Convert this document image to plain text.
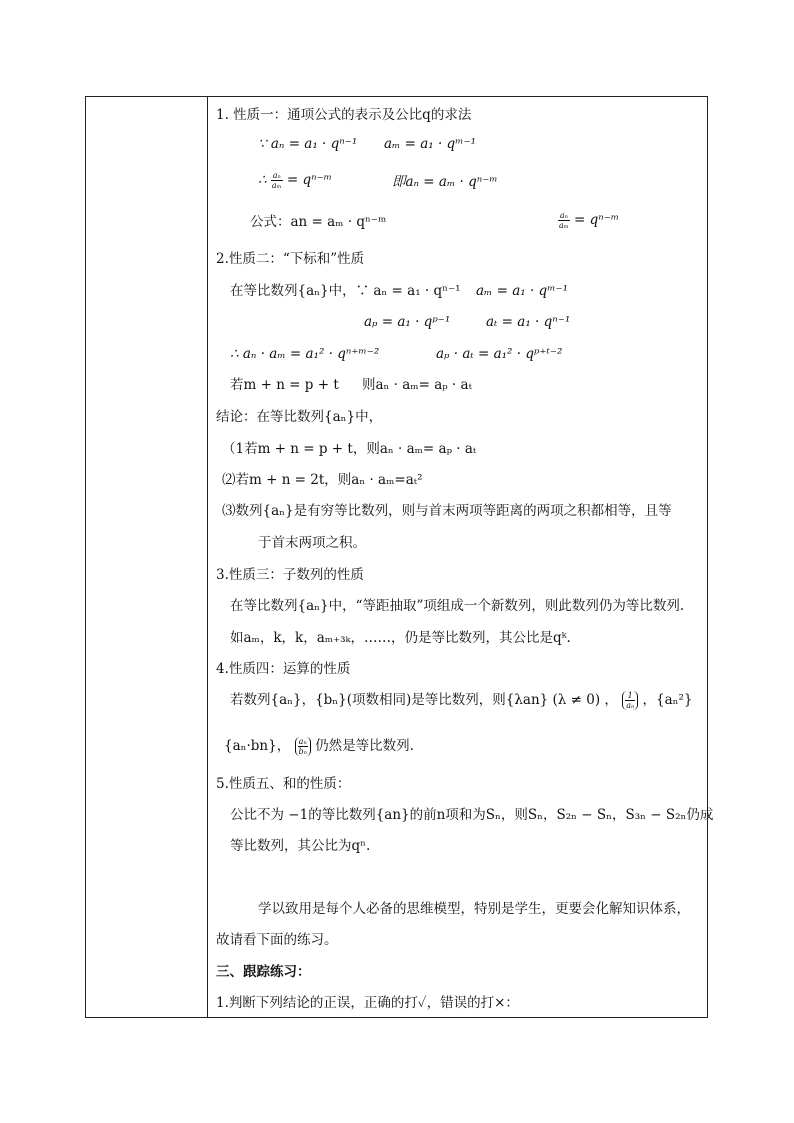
1. 性质一：通项公式的表示及公比q的求法
∵ aₙ = a₁ · qⁿ⁻¹ aₘ = a₁ · qᵐ⁻¹
∴ $\frac{\text{aₙ}}{\text{aₘ}}$ = qⁿ⁻ᵐ	即aₙ = aₘ · qⁿ⁻ᵐ
公式：an = aₘ · qⁿ⁻ᵐ	$\frac{\text{aₙ}}{\text{aₘ}}$ = qⁿ⁻ᵐ
2.性质二：“下标和”性质
在等比数列{aₙ}中，∵ aₙ = a₁ · qⁿ⁻¹ aₘ = a₁ · qᵐ⁻¹
aₚ = a₁ · qᵖ⁻¹	aₜ = a₁ · qⁿ⁻¹
∴ aₙ · aₘ = a₁² · qⁿ⁺ᵐ⁻²	aₚ · aₜ = a₁² · qᵖ⁺ᵗ⁻²
若m + n = p + t 则aₙ · aₘ= aₚ · aₜ
结论：在等比数列{aₙ}中，
（1若m + n = p + t，则aₙ · aₘ= aₚ · aₜ
⑵若m + n = 2t，则aₙ · aₘ=aₜ²
⑶数列{aₙ}是有穷等比数列，则与首末两项等距离的两项之积都相等，且等
于首末两项之积。
3.性质三：子数列的性质
在等比数列{aₙ}中，“等距抽取”项组成一个新数列，则此数列仍为等比数列.
如aₘ，k，k，aₘ₊₃ₖ，……，仍是等比数列，其公比是qᵏ.
4.性质四：运算的性质
若数列{aₙ}，{bₙ}(项数相同)是等比数列，则{λan} (λ ≠ 0) ， $\frac{1}{\text{aₙ}}$ ，{aₙ²}
{aₙ·bn}， $\frac{\text{aₙ}}{\text{bₙ}}$ 仍然是等比数列.
5.性质五、和的性质：
公比不为 −1的等比数列{an}的前n项和为Sₙ，则Sₙ，S₂ₙ − Sₙ，S₃ₙ − S₂ₙ仍成
等比数列，其公比为qⁿ.
学以致用是每个人必备的思维模型，特别是学生，更要会化解知识体系，
故请看下面的练习。
三、跟踪练习：
1.判断下列结论的正误，正确的打✓，错误的打×：
